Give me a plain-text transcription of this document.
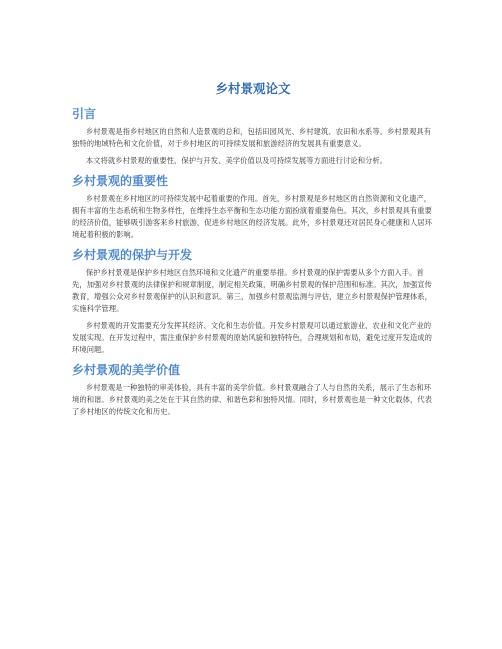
乡村景观论文
引言

乡村景观是指乡村地区的自然和人造景观的总和，包括田园风光、乡村建筑、农田和水系等。乡村景观具有独特的地域特色和文化价值，对于乡村地区的可持续发展和旅游经济的发展具有重要意义。

本文将就乡村景观的重要性、保护与开发、美学价值以及可持续发展等方面进行讨论和分析。

乡村景观的重要性

乡村景观在乡村地区的可持续发展中起着重要的作用。首先，乡村景观是乡村地区的自然资源和文化遗产，拥有丰富的生态系统和生物多样性，在维持生态平衡和生态功能方面扮演着重要角色。其次，乡村景观具有重要的经济价值，能够吸引游客来乡村旅游，促进乡村地区的经济发展。此外，乡村景观还对居民身心健康和人居环境起着积极的影响。

乡村景观的保护与开发

保护乡村景观是保护乡村地区自然环境和文化遗产的重要举措。乡村景观的保护需要从多个方面入手。首先，加强对乡村景观的法律保护和规章制度，制定相关政策，明确乡村景观的保护范围和标准。其次，加强宣传教育，增强公众对乡村景观保护的认识和意识。第三，加强乡村景观监测与评估，建立乡村景观保护管理体系，实施科学管理。

乡村景观的开发需要充分发挥其经济、文化和生态价值。开发乡村景观可以通过旅游业、农业和文化产业的发展实现。在开发过程中，需注重保护乡村景观的原始风貌和独特特色，合理规划和布局，避免过度开发造成的环境问题。

乡村景观的美学价值

乡村景观是一种独特的审美体验，具有丰富的美学价值。乡村景观融合了人与自然的关系，展示了生态和环境的和谐。乡村景观的美之处在于其自然的律、和谐色彩和独特风情。同时，乡村景观也是一种文化载体，代表了乡村地区的传统文化和历史。
